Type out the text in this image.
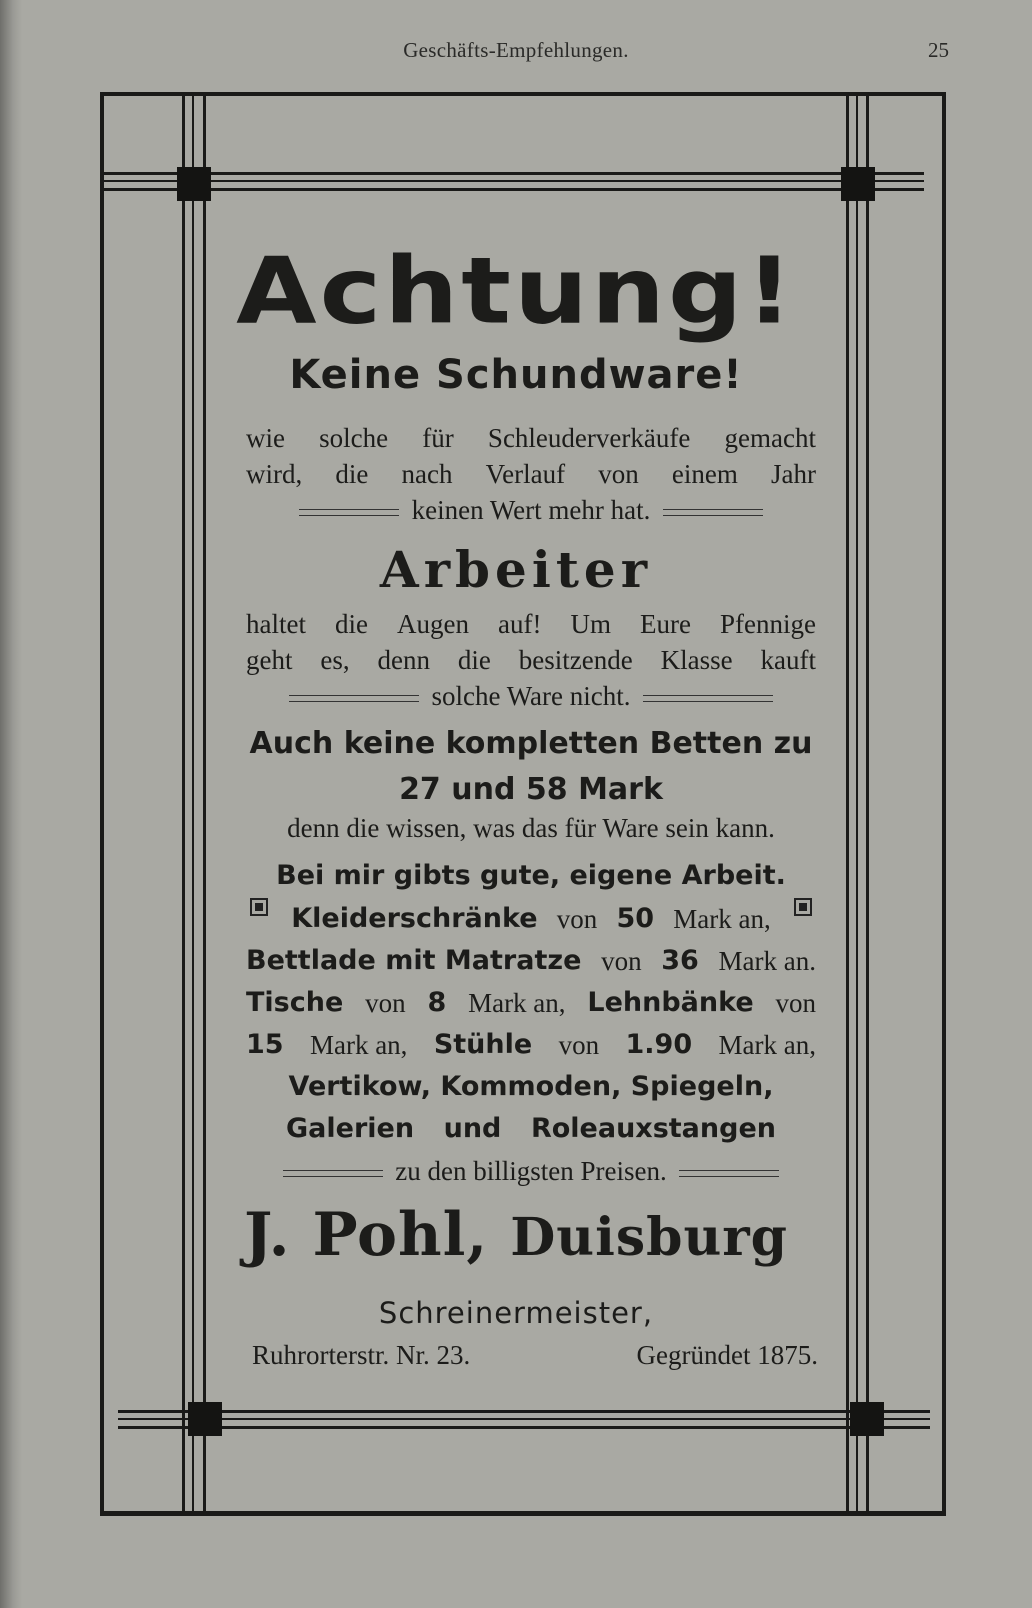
Geschäfts-Empfehlungen.	25
Achtung!
Keine Schundware!
wie solche für Schleuderverkäufe gemacht
wird, die nach Verlauf von einem Jahr
keinen Wert mehr hat.
Arbeiter
haltet die Augen auf! Um Eure Pfennige
geht es, denn die besitzende Klasse kauft
solche Ware nicht.
Auch keine kompletten Betten zu
27 und 58 Mark
denn die wissen, was das für Ware sein kann.
Bei mir gibts gute, eigene Arbeit.
Kleiderschränke von 50 Mark an,
Bettlade mit Matratze von 36 Mark an.
Tische von 8 Mark an, Lehnbänke von
15 Mark an, Stühle von 1.90 Mark an,
Vertikow, Kommoden, Spiegeln,
Galerien und Roleauxstangen
zu den billigsten Preisen.
J. Pohl, Duisburg
Schreinermeister,
Ruhrorterstr. Nr. 23.	Gegründet 1875.
